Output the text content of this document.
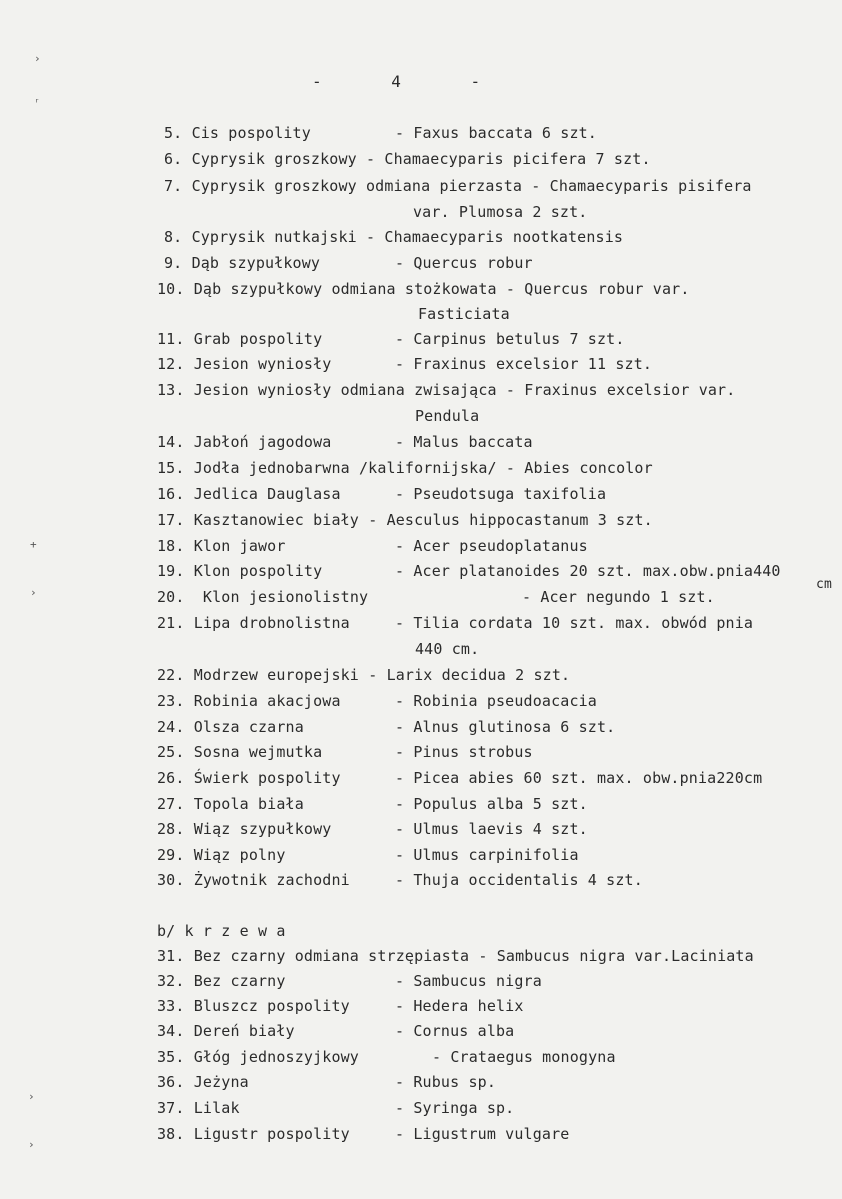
- 4 -
›
ʳ
+
›
›
›
5. Cis pospolity	- Faxus baccata 6 szt.
6. Cyprysik groszkowy - Chamaecyparis picifera 7 szt.
7. Cyprysik groszkowy odmiana pierzasta - Chamaecyparis pisifera
var. Plumosa 2 szt.
8. Cyprysik nutkajski - Chamaecyparis nootkatensis
9. Dąb szypułkowy	- Quercus robur
10. Dąb szypułkowy odmiana stożkowata - Quercus robur var.
Fasticiata
11. Grab pospolity	- Carpinus betulus 7 szt.
12. Jesion wyniosły	- Fraxinus excelsior 11 szt.
13. Jesion wyniosły odmiana zwisająca - Fraxinus excelsior var.
Pendula
14. Jabłoń jagodowa	- Malus baccata
15. Jodła jednobarwna /kalifornijska/ - Abies concolor
16. Jedlica Dauglasa	- Pseudotsuga taxifolia
17. Kasztanowiec biały - Aesculus hippocastanum 3 szt.
18. Klon jawor	- Acer pseudoplatanus
19. Klon pospolity	- Acer platanoides 20 szt. max.obw.pnia440
cm
20. Klon jesionolistny	- Acer negundo 1 szt.
21. Lipa drobnolistna	- Tilia cordata 10 szt. max. obwód pnia
440 cm.
22. Modrzew europejski - Larix decidua 2 szt.
23. Robinia akacjowa	- Robinia pseudoacacia
24. Olsza czarna	- Alnus glutinosa 6 szt.
25. Sosna wejmutka	- Pinus strobus
26. Świerk pospolity	- Picea abies 60 szt. max. obw.pnia220cm
27. Topola biała	- Populus alba 5 szt.
28. Wiąz szypułkowy	- Ulmus laevis 4 szt.
29. Wiąz polny	- Ulmus carpinifolia
30. Żywotnik zachodni	- Thuja occidentalis 4 szt.
b/ k r z e w a
31. Bez czarny odmiana strzępiasta - Sambucus nigra var.Laciniata
32. Bez czarny	- Sambucus nigra
33. Bluszcz pospolity	- Hedera helix
34. Dereń biały	- Cornus alba
35. Głóg jednoszyjkowy	- Crataegus monogyna
36. Jeżyna	- Rubus sp.
37. Lilak	- Syringa sp.
38. Ligustr pospolity	- Ligustrum vulgare
